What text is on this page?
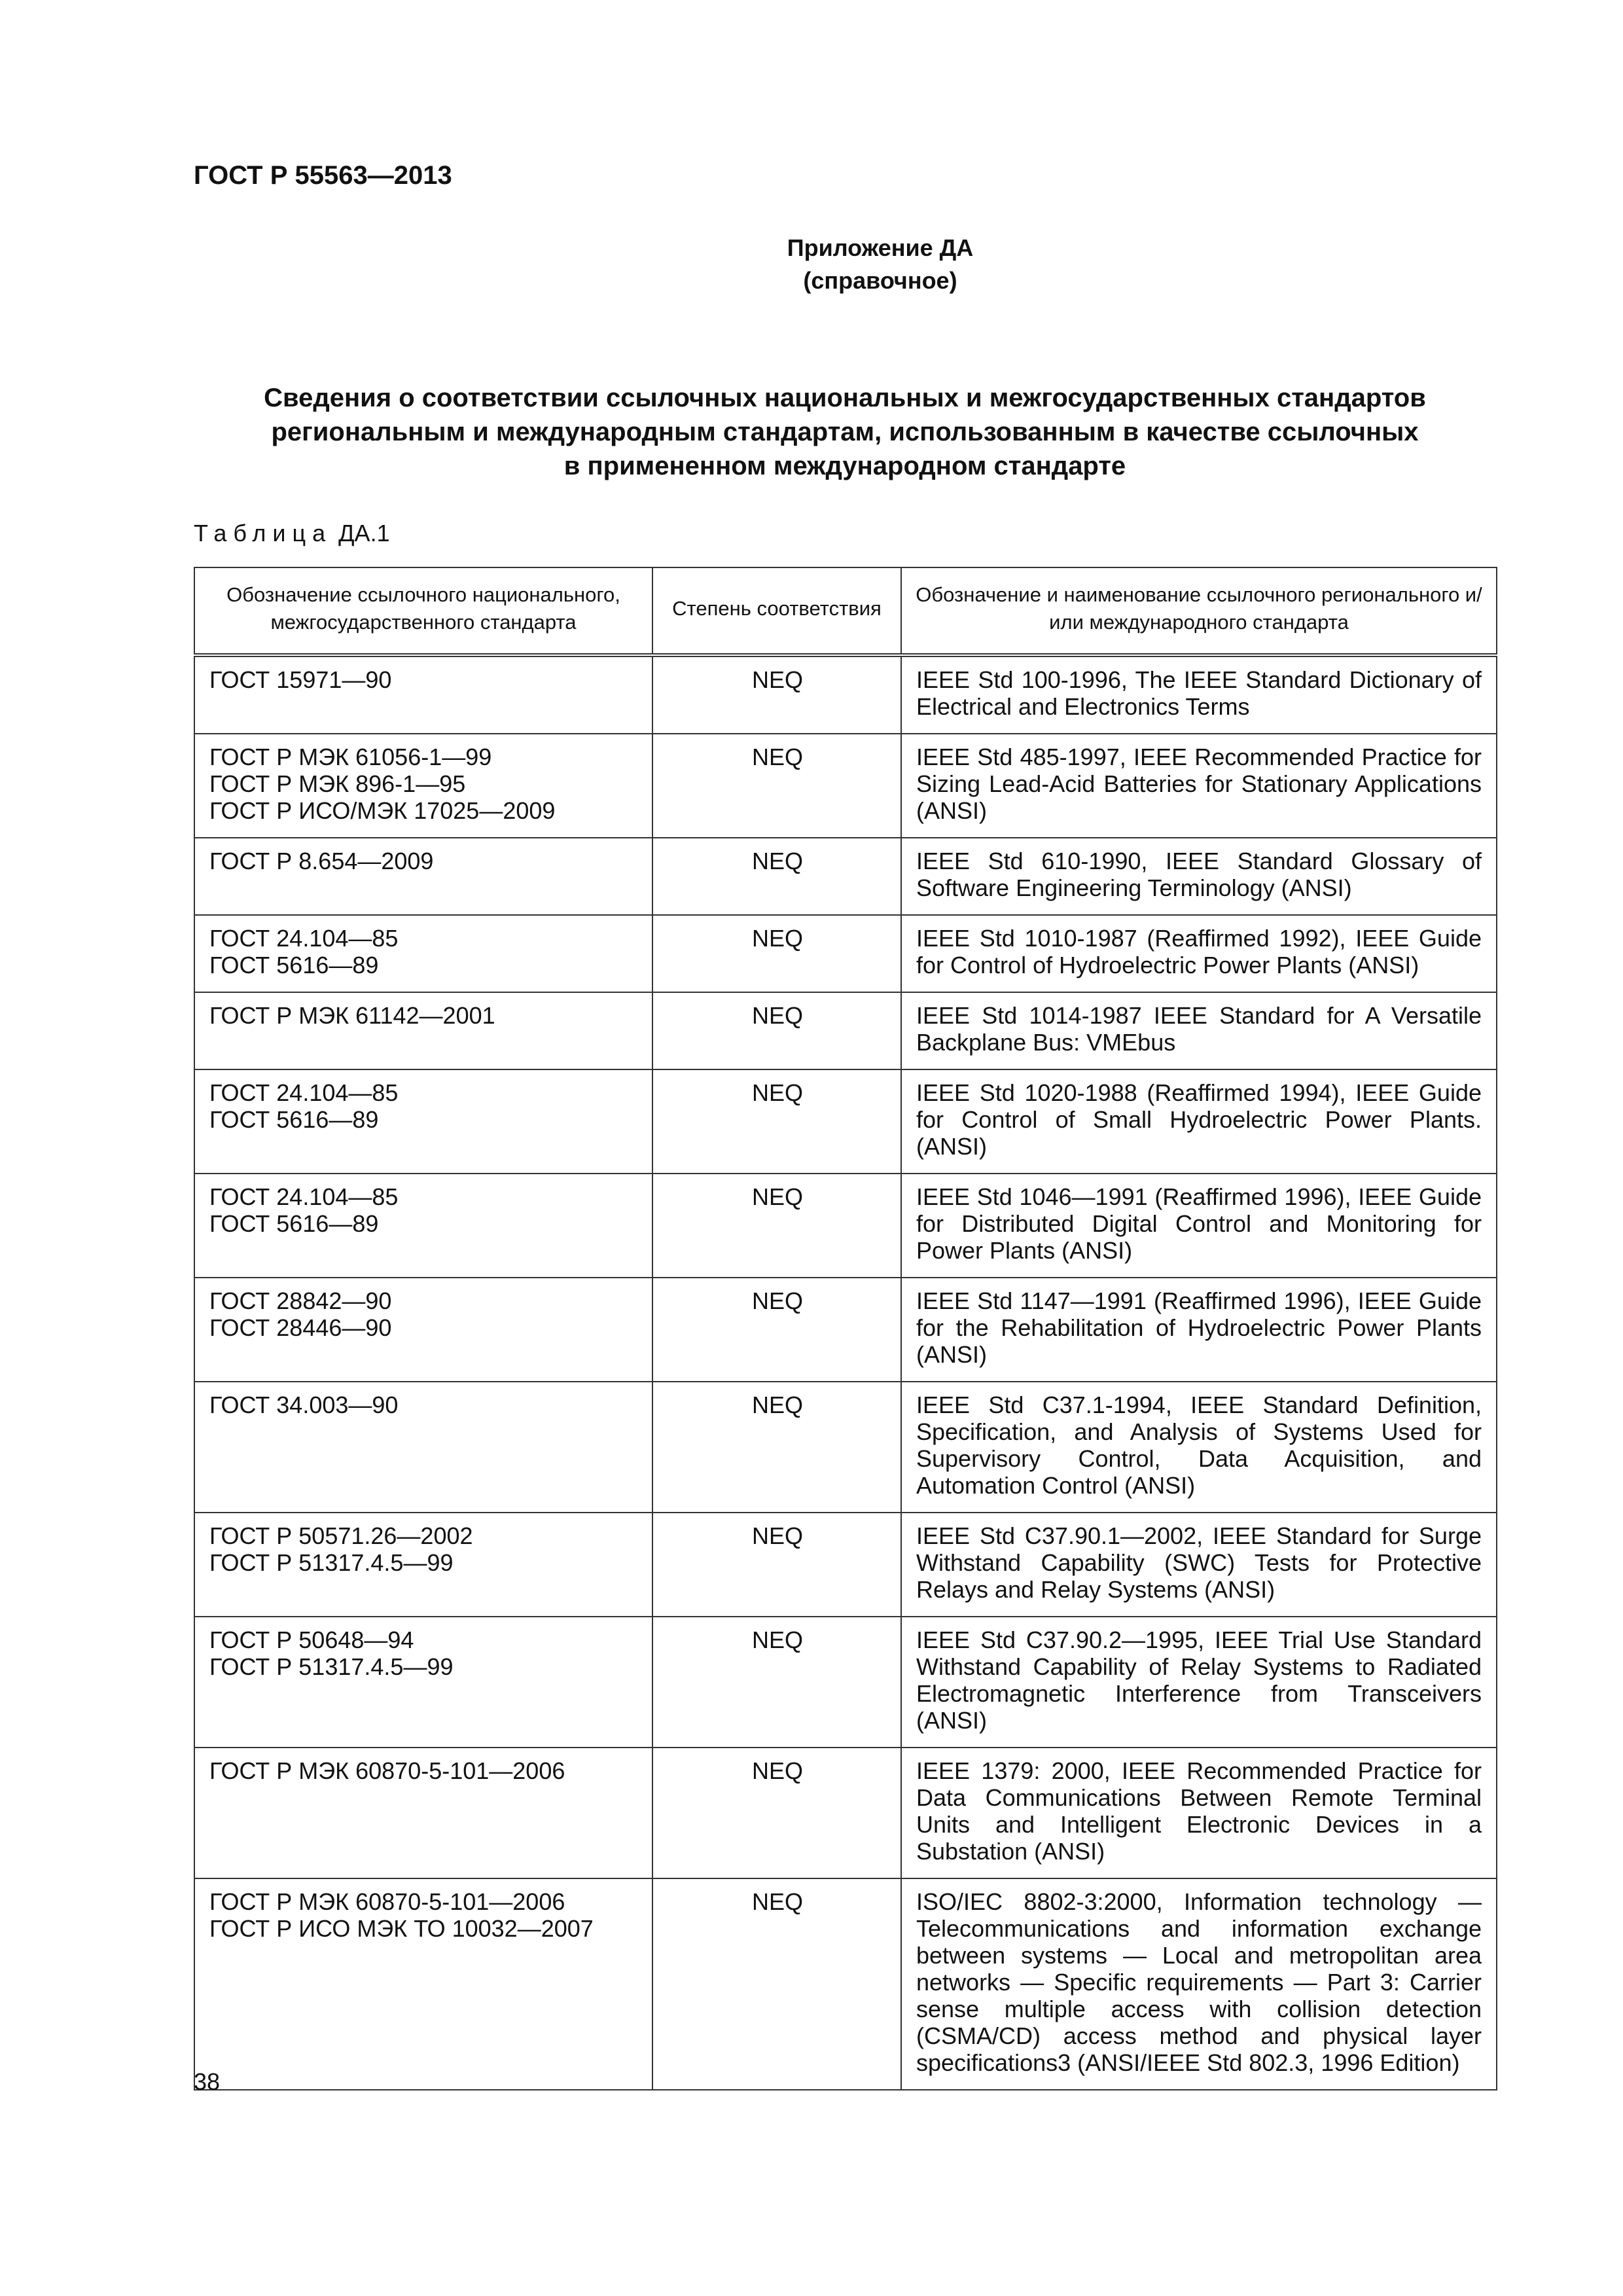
ГОСТ Р 55563—2013
Приложение ДА
(справочное)
Сведения о соответствии ссылочных национальных и межгосударственных стандартов
региональным и международным стандартам, использованным в качестве ссылочных
в примененном международном стандарте
Таблица ДА.1
Обозначение ссылочного национального, межгосударственного стандарта	Степень соответствия	Обозначение и наименование ссылочного регионального и/или международного стандарта

ГОСТ 15971—90	NEQ	IEEE Std 100-1996, The IEEE Standard Dictionary of Electrical and Electronics Terms

ГОСТ Р МЭК 61056-1—99
ГОСТ Р МЭК 896-1—95
ГОСТ Р ИСО/МЭК 17025—2009	NEQ	IEEE Std 485-1997, IEEE Recommended Practice for Sizing Lead-Acid Batteries for Stationary Applications (ANSI)

ГОСТ Р 8.654—2009	NEQ	IEEE Std 610-1990, IEEE Standard Glossary of Software Engineering Terminology (ANSI)

ГОСТ 24.104—85
ГОСТ 5616—89	NEQ	IEEE Std 1010-1987 (Reaffirmed 1992), IEEE Guide for Control of Hydroelectric Power Plants (ANSI)

ГОСТ Р МЭК 61142—2001	NEQ	IEEE Std 1014-1987 IEEE Standard for A Versatile Backplane Bus: VMEbus

ГОСТ 24.104—85
ГОСТ 5616—89	NEQ	IEEE Std 1020-1988 (Reaffirmed 1994), IEEE Guide for Control of Small Hydroelectric Power Plants. (ANSI)

ГОСТ 24.104—85
ГОСТ 5616—89	NEQ	IEEE Std 1046—1991 (Reaffirmed 1996), IEEE Guide for Distributed Digital Control and Monitoring for Power Plants (ANSI)

ГОСТ 28842—90
ГОСТ 28446—90	NEQ	IEEE Std 1147—1991 (Reaffirmed 1996), IEEE Guide for the Rehabilitation of Hydroelectric Power Plants (ANSI)

ГОСТ 34.003—90	NEQ	IEEE Std C37.1-1994, IEEE Standard Definition, Specification, and Analysis of Systems Used for Supervisory Control, Data Acquisition, and Automation Control (ANSI)

ГОСТ Р 50571.26—2002
ГОСТ Р 51317.4.5—99	NEQ	IEEE Std C37.90.1—2002, IEEE Standard for Surge Withstand Capability (SWC) Tests for Protective Relays and Relay Systems (ANSI)

ГОСТ Р 50648—94
ГОСТ Р 51317.4.5—99	NEQ	IEEE Std C37.90.2—1995, IEEE Trial Use Standard Withstand Capability of Relay Systems to Radiated Electromagnetic Interference from Transceivers (ANSI)

ГОСТ Р МЭК 60870-5-101—2006	NEQ	IEEE 1379: 2000, IEEE Recommended Practice for Data Communications Between Remote Terminal Units and Intelligent Electronic Devices in a Substation (ANSI)

ГОСТ Р МЭК 60870-5-101—2006
ГОСТ Р ИСО МЭК ТО 10032—2007	NEQ	ISO/IEC 8802-3:2000, Information technology — Telecommunications and information exchange between systems — Local and metropolitan area networks — Specific requirements — Part 3: Carrier sense multiple access with collision detection (CSMA/CD) access method and physical layer specifications3 (ANSI/IEEE Std 802.3, 1996 Edition)
38
